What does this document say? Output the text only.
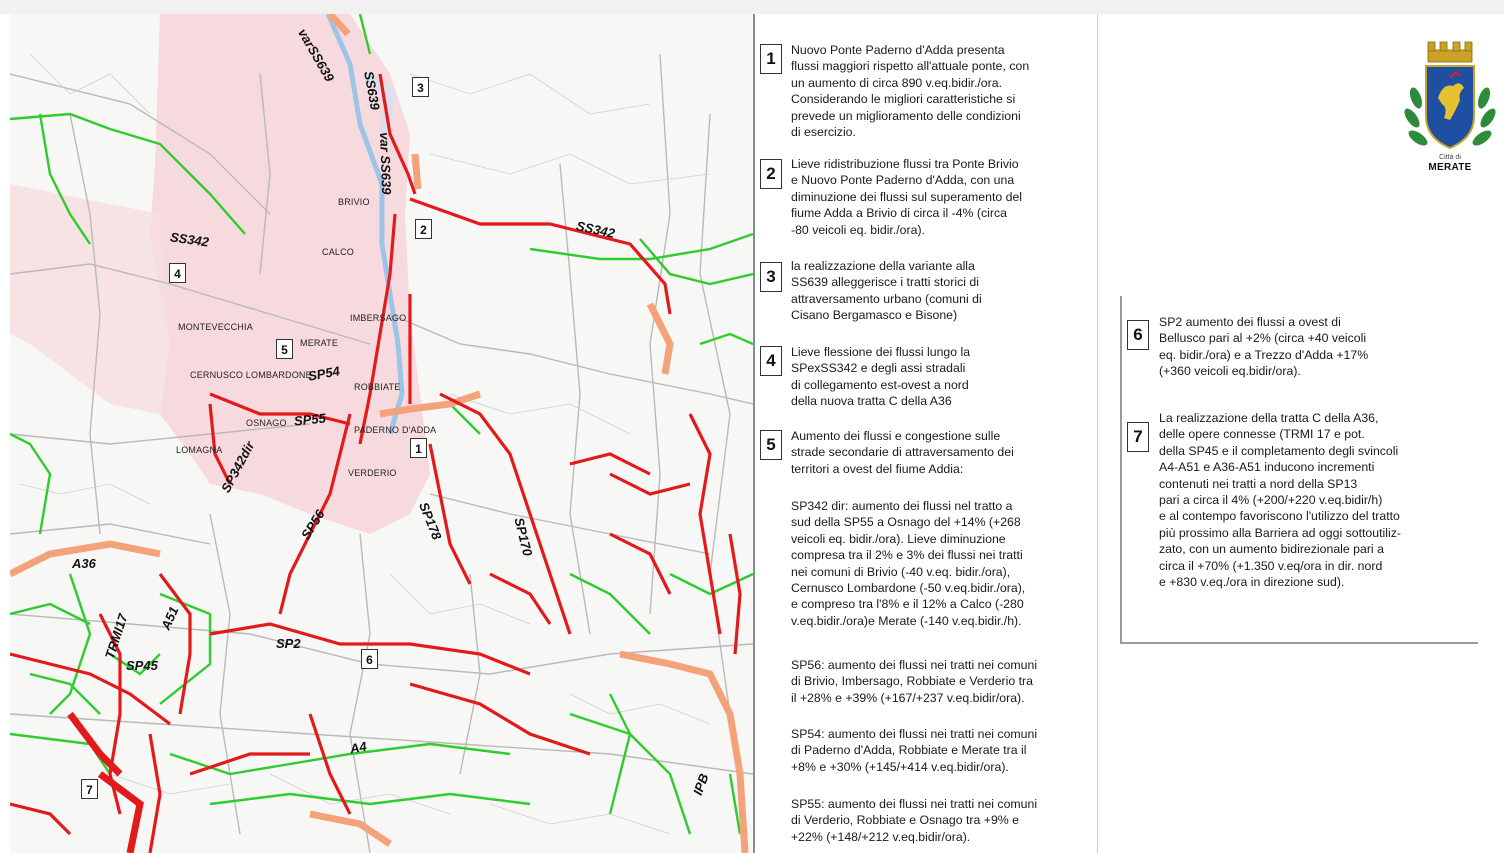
varSS639
SS639
var SS639
SS342	SS342
SP54
SP55
SP342dir
SP56	SP178	SP170
A36
TRMI17 A51
SP2
SP45
A4
IPB
BRIVIO
CALCO
MONTEVECCHIA
IMBERSAGO
MERATE
CERNUSCO LOMBARDONE
ROBBIATE
OSNAGO
PADERNO D'ADDA
LOMAGNA
VERDERIO
3
2
4
5
1
6
7
1	Nuovo Ponte Paderno d'Adda presenta
flussi maggiori rispetto all'attuale ponte, con
un aumento di circa 890 v.eq.bidir./ora.
Considerando le migliori caratteristiche si
prevede un miglioramento delle condizioni
di esercizio.
2	Lieve ridistribuzione flussi tra Ponte Brivio
e Nuovo Ponte Paderno d'Adda, con una
diminuzione dei flussi sul superamento del
fiume Adda a Brivio di circa il -4% (circa
-80 veicoli eq. bidir./ora).
3
la realizzazione della variante alla
SS639 alleggerisce i tratti storici di
attraversamento urbano (comuni di
Cisano Bergamasco e Bisone)
4	Lieve flessione dei flussi lungo la
SPexSS342 e degli assi stradali
di collegamento est-ovest a nord
della nuova tratta C della A36
5	Aumento dei flussi e congestione sulle
strade secondarie di attraversamento dei
territori a ovest del fiume Addia:
SP342 dir: aumento dei flussi nel tratto a
sud della SP55 a Osnago del +14% (+268
veicoli eq. bidir./ora). Lieve diminuzione
compresa tra il 2% e 3% dei flussi nei tratti
nei comuni di Brivio (-40 v.eq. bidir./ora),
Cernusco Lombardone (-50 v.eq.bidir./ora),
e compreso tra l'8% e il 12% a Calco (-280
v.eq.bidir./ora)e Merate (-140 v.eq.bidir./h).
SP56: aumento dei flussi nei tratti nei comuni
di Brivio, Imbersago, Robbiate e Verderio tra
il +28% e +39% (+167/+237 v.eq.bidir/ora).
SP54: aumento dei flussi nei tratti nei comuni
di Paderno d'Adda, Robbiate e Merate tra il
+8% e +30% (+145/+414 v.eq.bidir/ora).
SP55: aumento dei flussi nei tratti nei comuni
di Verderio, Robbiate e Osnago tra +9% e
+22% (+148/+212 v.eq.bidir/ora).
6
SP2 aumento dei flussi a ovest di
Bellusco pari al +2% (circa +40 veicoli
eq. bidir./ora) e a Trezzo d'Adda +17%
(+360 veicoli eq.bidir/ora).
7
La realizzazione della tratta C della A36,
delle opere connesse (TRMI 17 e pot.
della SP45 e il completamento degli svincoli
A4-A51 e A36-A51 inducono incrementi
contenuti nei tratti a nord della SP13
pari a circa il 4% (+200/+220 v.eq.bidir/h)
e al contempo favoriscono l'utilizzo del tratto
più prossimo alla Barriera ad oggi sottoutiliz-
zato, con un aumento bidirezionale pari a
circa il +70% (+1.350 v.eq/ora in dir. nord
e +830 v.eq./ora in direzione sud).
Città di
MERATE
